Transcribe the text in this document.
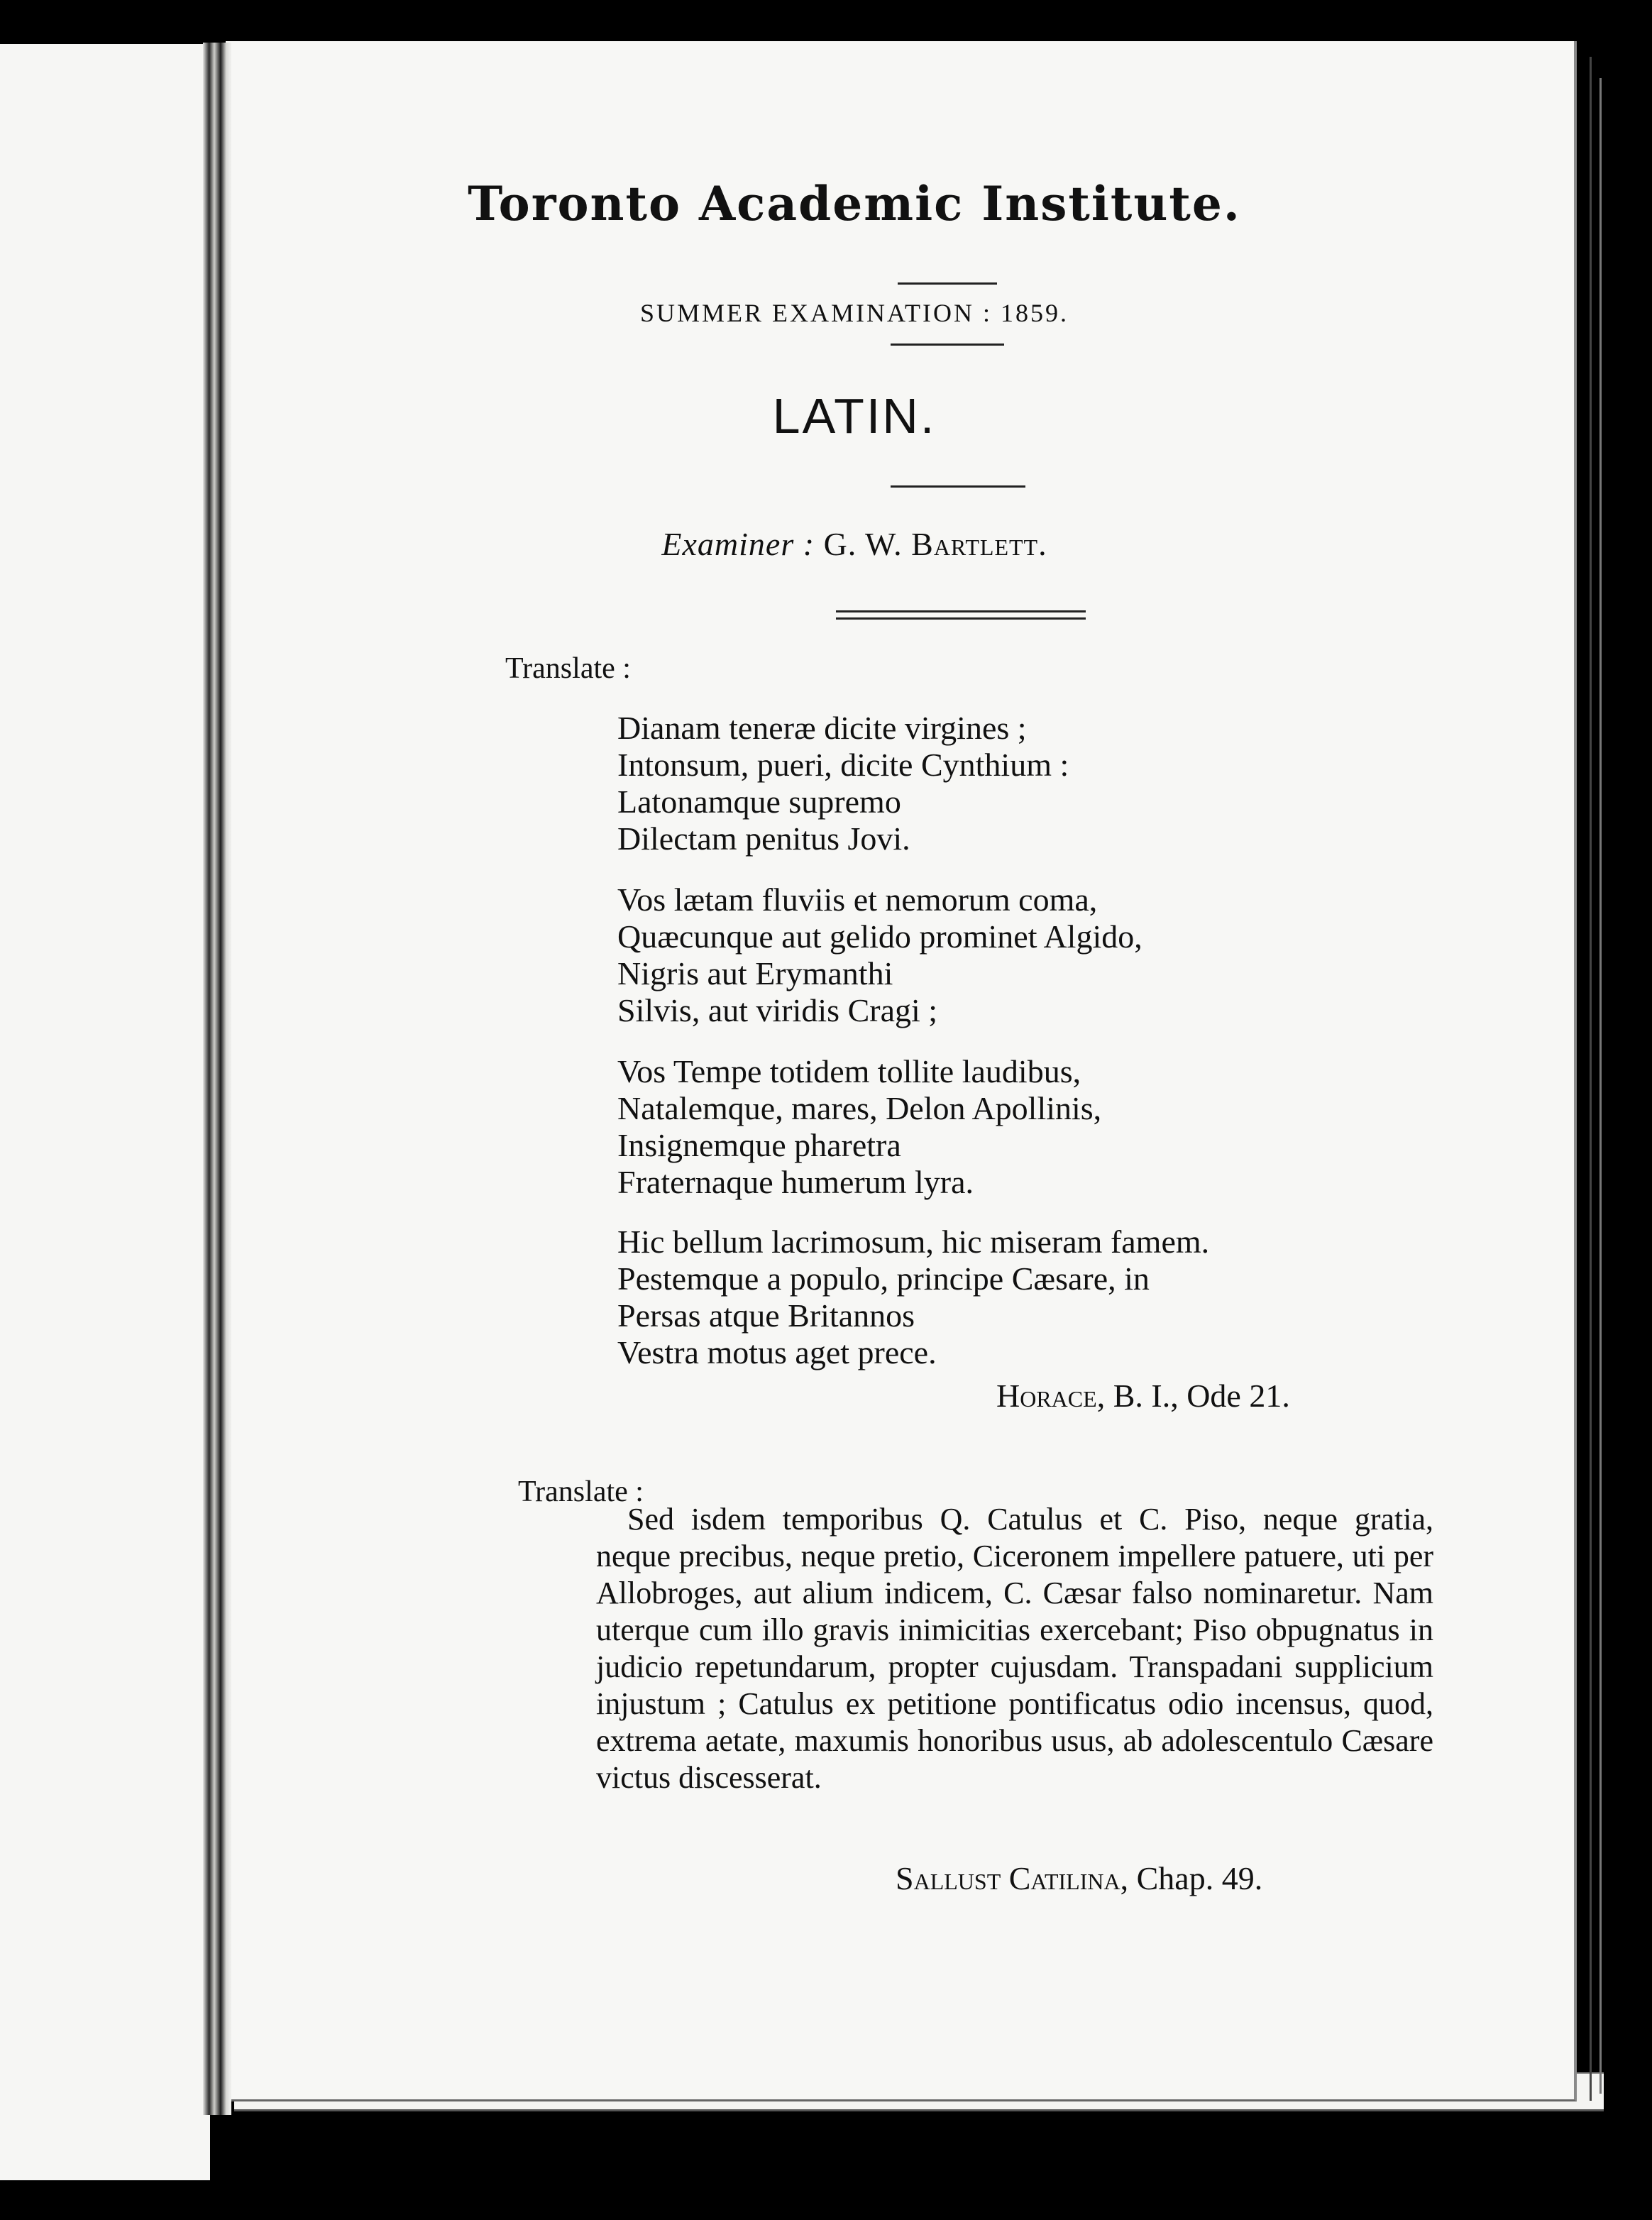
Toronto Academic Institute.
SUMMER EXAMINATION : 1859.
LATIN.
Examiner : G. W. Bartlett.
Translate :
Dianam teneræ dicite virgines ;
Intonsum, pueri, dicite Cynthium :
Latonamque supremo
Dilectam penitus Jovi.
Vos lætam fluviis et nemorum coma,
Quæcunque aut gelido prominet Algido,
Nigris aut Erymanthi
Silvis, aut viridis Cragi ;
Vos Tempe totidem tollite laudibus,
Natalemque, mares, Delon Apollinis,
Insignemque pharetra
Fraternaque humerum lyra.
Hic bellum lacrimosum, hic miseram famem.
Pestemque a populo, principe Cæsare, in
Persas atque Britannos
Vestra motus aget prece.
Horace, B. I., Ode 21.
Translate :
Sed isdem temporibus Q. Catulus et C. Piso, neque gratia, neque precibus, neque pretio, Ciceronem impellere patuere, uti per Allobroges, aut alium indicem, C. Cæsar falso nominaretur. Nam uterque cum illo gravis inimicitias exercebant; Piso obpugnatus in judicio repetundarum, propter cujusdam. Transpadani supplicium injustum ; Catulus ex petitione pontificatus odio incensus, quod, extrema aetate, maxumis honoribus usus, ab adolescentulo Cæsare victus discesserat.
Sallust Catilina, Chap. 49.
